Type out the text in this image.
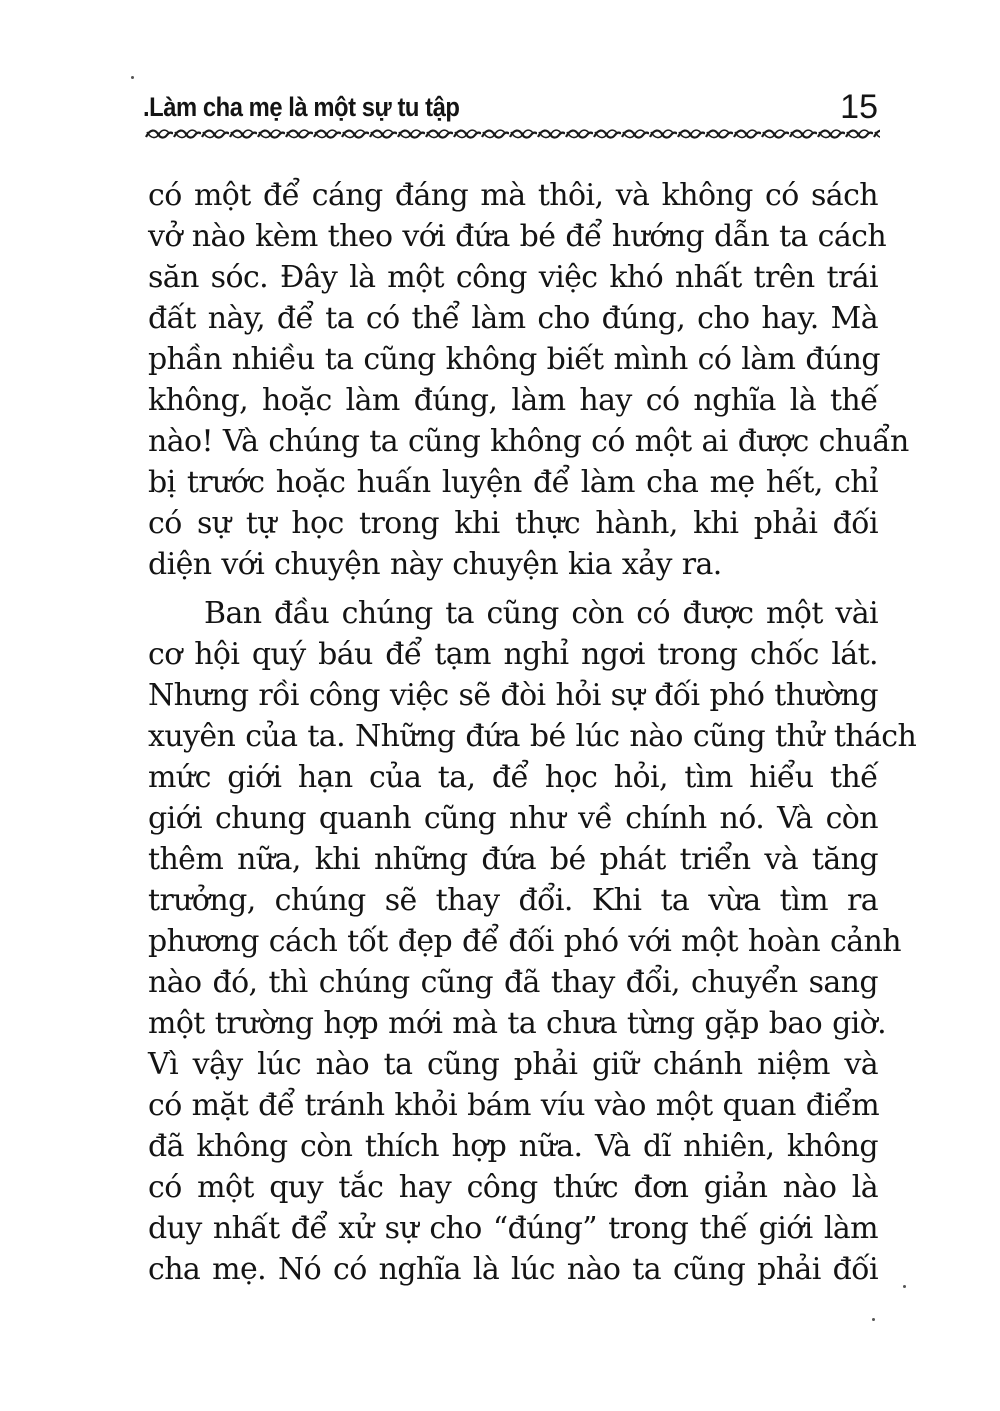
.Làm cha mẹ là một sự tu tập	15
có một để cáng đáng mà thôi, và không có sách
vở nào kèm theo với đứa bé để hướng dẫn ta cách
săn sóc. Đây là một công việc khó nhất trên trái
đất này, để ta có thể làm cho đúng, cho hay. Mà
phần nhiều ta cũng không biết mình có làm đúng
không, hoặc làm đúng, làm hay có nghĩa là thế
nào! Và chúng ta cũng không có một ai được chuẩn
bị trước hoặc huấn luyện để làm cha mẹ hết, chỉ
có sự tự học trong khi thực hành, khi phải đối
diện với chuyện này chuyện kia xảy ra.
Ban đầu chúng ta cũng còn có được một vài
cơ hội quý báu để tạm nghỉ ngơi trong chốc lát.
Nhưng rồi công việc sẽ đòi hỏi sự đối phó thường
xuyên của ta. Những đứa bé lúc nào cũng thử thách
mức giới hạn của ta, để học hỏi, tìm hiểu thế
giới chung quanh cũng như về chính nó. Và còn
thêm nữa, khi những đứa bé phát triển và tăng
trưởng, chúng sẽ thay đổi. Khi ta vừa tìm ra
phương cách tốt đẹp để đối phó với một hoàn cảnh
nào đó, thì chúng cũng đã thay đổi, chuyển sang
một trường hợp mới mà ta chưa từng gặp bao giờ.
Vì vậy lúc nào ta cũng phải giữ chánh niệm và
có mặt để tránh khỏi bám víu vào một quan điểm
đã không còn thích hợp nữa. Và dĩ nhiên, không
có một quy tắc hay công thức đơn giản nào là
duy nhất để xử sự cho “đúng” trong thế giới làm
cha mẹ. Nó có nghĩa là lúc nào ta cũng phải đối
